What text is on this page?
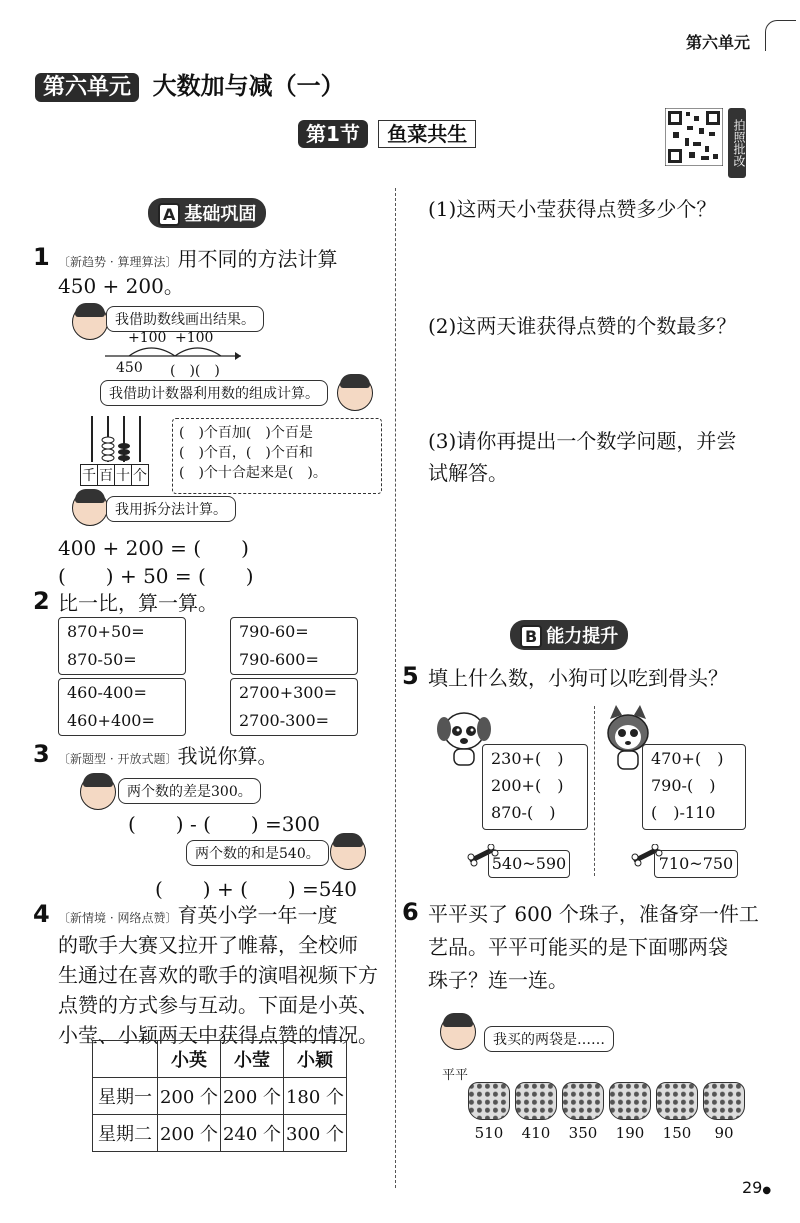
第六单元
第六单元 大数加与减（一）
第1节 鱼菜共生	拍照批改
A 基础巩固
1 〔新趋势 · 算理算法〕用不同的方法计算
450 + 200。
我借助数线画出结果。
+100 +100
450 (　)(　)
我借助计数器利用数的组成计算。
千 百 十 个
(　)个百加(　)个百是
(　)个百，(　)个百和
(　)个十合起来是(　)。
我用拆分法计算。
400 + 200 = (　　)
(　　) + 50 = (　　)
2 比一比，算一算。
870+50=
870-50=
790-60=
790-600=
460-400=
460+400=
2700+300=
2700-300=
3 〔新题型 · 开放式题〕我说你算。
两个数的差是300。
(　　) - (　　) =300
两个数的和是540。
(　　) + (　　) =540
4 〔新情境 · 网络点赞〕育英小学一年一度
的歌手大赛又拉开了帷幕，全校师
生通过在喜欢的歌手的演唱视频下方
点赞的方式参与互动。下面是小英、
小莹、小颖两天中获得点赞的情况。
	小英	小莹	小颖
星期一	200 个	200 个	180 个
星期二	200 个	240 个	300 个
(1)这两天小莹获得点赞多少个？
(2)这两天谁获得点赞的个数最多？
(3)请你再提出一个数学问题，并尝
试解答。
B 能力提升
5 填上什么数，小狗可以吃到骨头？
230+(　)
200+(　)
870-(　)
540~590
470+(　)
790-(　)
(　)-110
710~750
6 平平买了 600 个珠子，准备穿一件工
艺品。平平可能买的是下面哪两袋
珠子？连一连。
我买的两袋是……
平平
510	410	350	190	150	90
29●
